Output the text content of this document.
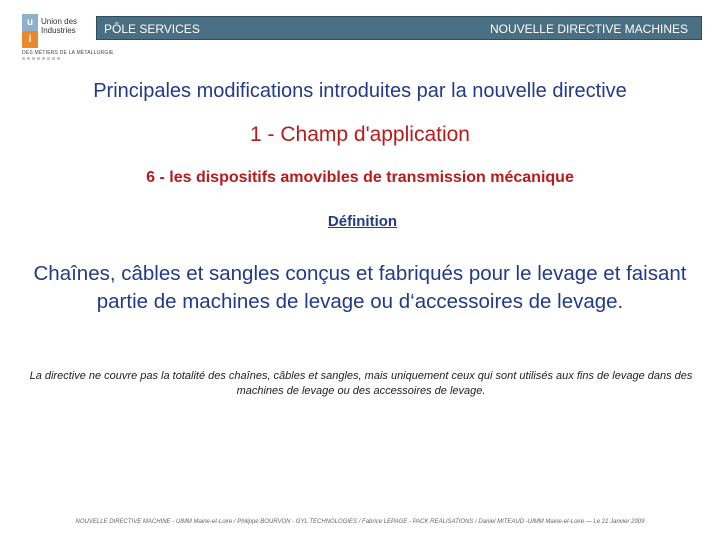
u
i
Union des Industries
DES MÉTIERS DE LA MÉTALLURGIE
PÔLE SERVICES	NOUVELLE DIRECTIVE MACHINES
Principales modifications introduites par la nouvelle directive
1 - Champ d'application
6 - les dispositifs amovibles de transmission mécanique
Définition
Chaînes, câbles et sangles conçus et fabriqués pour le levage et faisant partie de machines de levage ou d‘accessoires de levage.
La directive ne couvre pas la totalité des chaînes, câbles et sangles, mais uniquement ceux qui sont utilisés aux fins de levage dans des machines de levage ou des accessoires de levage.
NOUVELLE DIRECTIVE MACHINE - UIMM Maine-et-Loire / Philippe BOURVON - GYL TECHNOLOGIES / Fabrice LEPAGE - PACK REALISATIONS / Daniel MITEAUD -UIMM Maine-et-Loire — Le 21 Janvier 2009
